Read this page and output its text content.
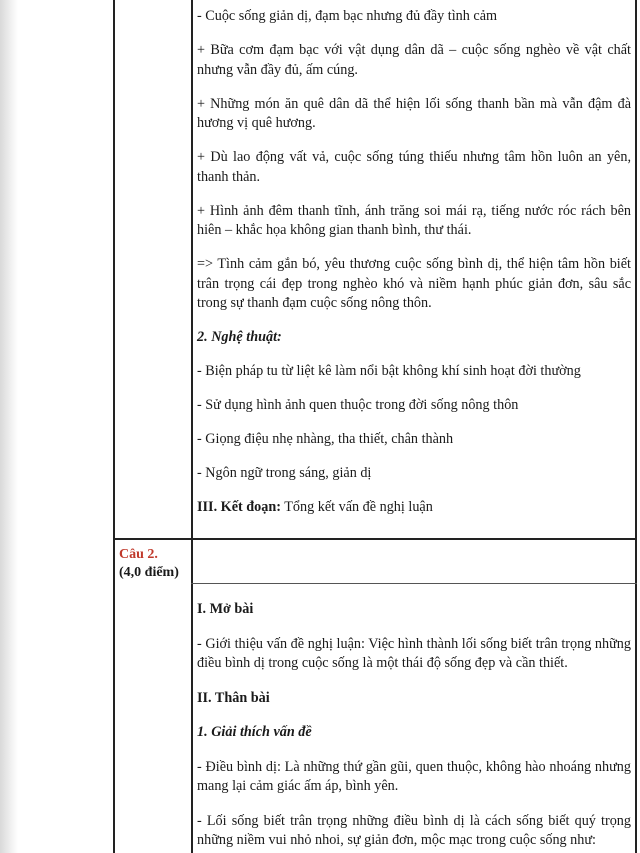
- Cuộc sống giản dị, đạm bạc nhưng đủ đầy tình cảm

+ Bữa cơm đạm bạc với vật dụng dân dã – cuộc sống nghèo về vật chất nhưng vẫn đầy đủ, ấm cúng.

+ Những món ăn quê dân dã thể hiện lối sống thanh bần mà vẫn đậm đà hương vị quê hương.

+ Dù lao động vất vả, cuộc sống túng thiếu nhưng tâm hồn luôn an yên, thanh thản.

+ Hình ảnh đêm thanh tĩnh, ánh trăng soi mái rạ, tiếng nước róc rách bên hiên – khắc họa không gian thanh bình, thư thái.

=> Tình cảm gắn bó, yêu thương cuộc sống bình dị, thể hiện tâm hồn biết trân trọng cái đẹp trong nghèo khó và niềm hạnh phúc giản đơn, sâu sắc trong sự thanh đạm cuộc sống nông thôn.

2. Nghệ thuật:

- Biện pháp tu từ liệt kê làm nổi bật không khí sinh hoạt đời thường

- Sử dụng hình ảnh quen thuộc trong đời sống nông thôn

- Giọng điệu nhẹ nhàng, tha thiết, chân thành

- Ngôn ngữ trong sáng, giản dị

III. Kết đoạn: Tổng kết vấn đề nghị luận

Câu 2.
(4,0 điểm)

I. Mở bài

- Giới thiệu vấn đề nghị luận: Việc hình thành lối sống biết trân trọng những điều bình dị trong cuộc sống là một thái độ sống đẹp và cần thiết.

II. Thân bài

1. Giải thích vấn đề

- Điều bình dị: Là những thứ gần gũi, quen thuộc, không hào nhoáng nhưng mang lại cảm giác ấm áp, bình yên.

- Lối sống biết trân trọng những điều bình dị là cách sống biết quý trọng những niềm vui nhỏ nhoi, sự giản đơn, mộc mạc trong cuộc sống như:
